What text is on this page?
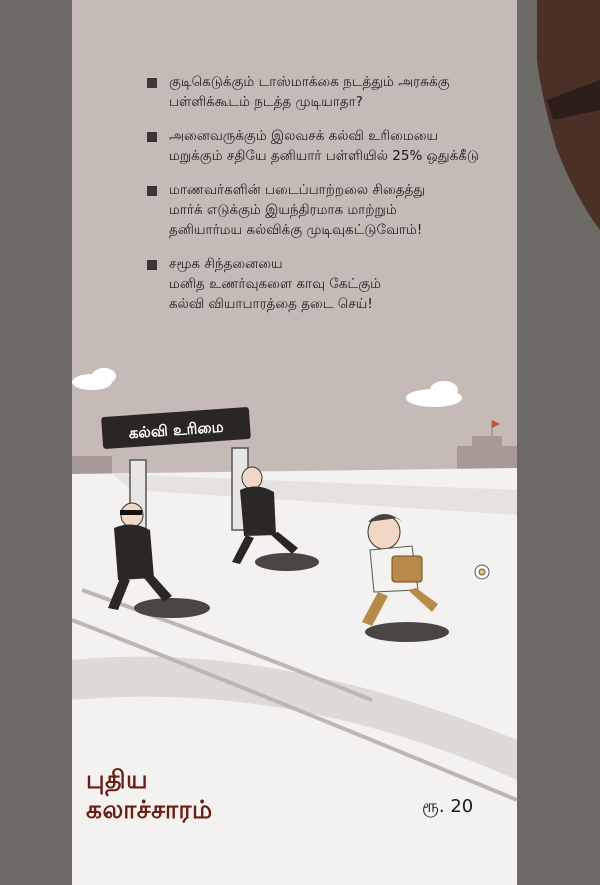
குடிகெடுக்கும் டாஸ்மாக்கை நடத்தும் அரசுக்கு
பள்ளிக்கூடம் நடத்த முடியாதா?
அனைவருக்கும் இலவசக் கல்வி உரிமையை
மறுக்கும் சதியே தனியார் பள்ளியில் 25% ஒதுக்கீடு
மாணவர்களின் படைப்பாற்றலை சிதைத்து
மார்க் எடுக்கும் இயந்திரமாக மாற்றும்
தனியார்மய கல்விக்கு முடிவுகட்டுவோம்!
சமூக சிந்தனையை
மனித உணர்வுகளை காவு கேட்கும்
கல்வி வியாபாரத்தை தடை செய்!
கல்வி உரிமை
புதிய
கலாச்சாரம்	ரூ. 20
